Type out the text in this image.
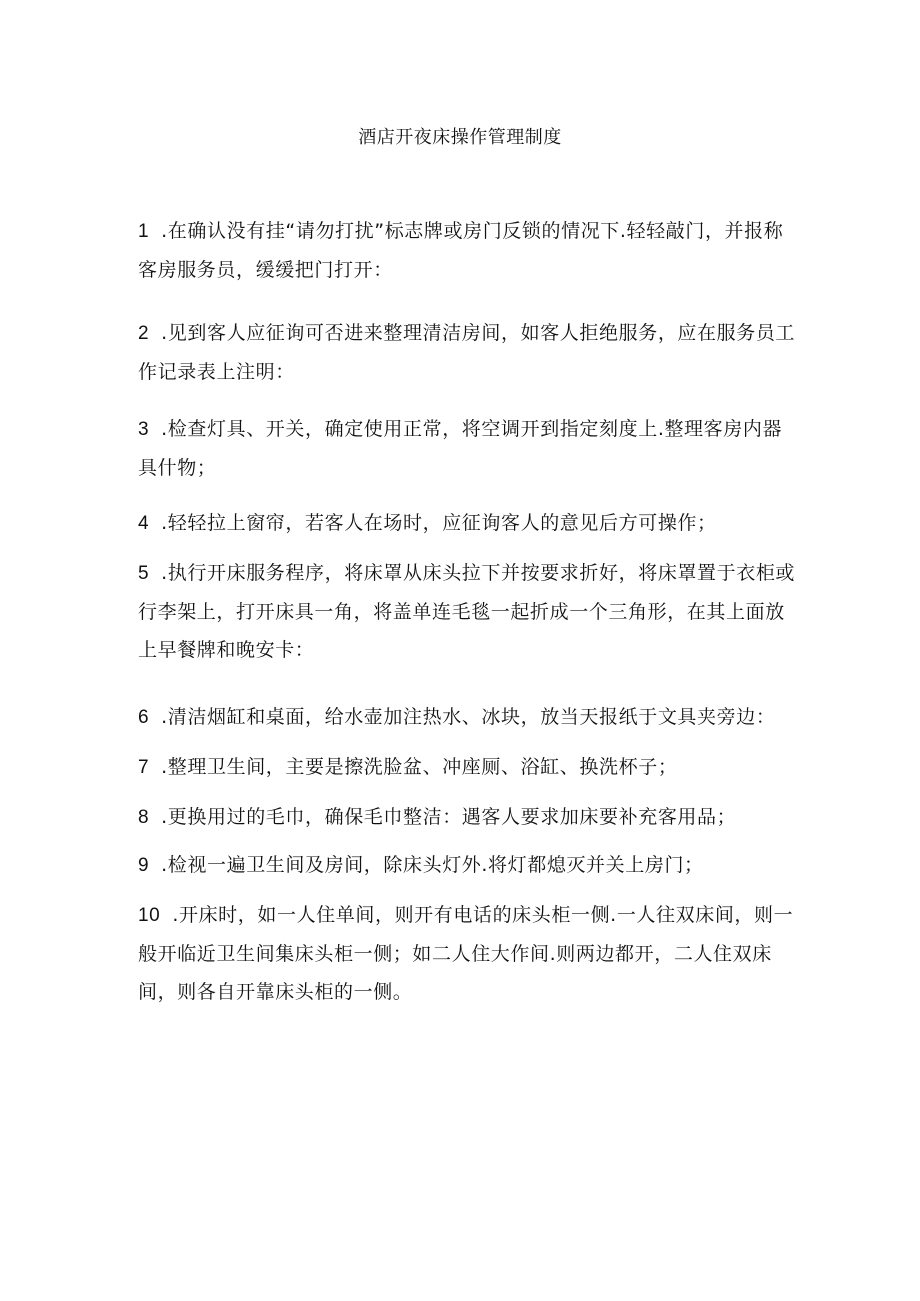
酒店开夜床操作管理制度

1 .在确认没有挂“请勿打扰”标志牌或房门反锁的情况下.轻轻敲门，并报称客房服务员，缓缓把门打开：

2 .见到客人应征询可否进来整理清洁房间，如客人拒绝服务，应在服务员工作记录表上注明：

3 .检查灯具、开关，确定使用正常，将空调开到指定刻度上.整理客房内器具什物；

4 .轻轻拉上窗帘，若客人在场时，应征询客人的意见后方可操作；

5 .执行开床服务程序，将床罩从床头拉下并按要求折好，将床罩置于衣柜或行李架上，打开床具一角，将盖单连毛毯一起折成一个三角形，在其上面放上早餐牌和晚安卡：

6 .清洁烟缸和桌面，给水壶加注热水、冰块，放当天报纸于文具夹旁边：

7 .整理卫生间，主要是擦洗脸盆、冲座厕、浴缸、换洗杯子；

8 .更换用过的毛巾，确保毛巾整洁：遇客人要求加床要补充客用品；

9 .检视一遍卫生间及房间，除床头灯外.将灯都熄灭并关上房门；

10 .开床时，如一人住单间，则开有电话的床头柜一侧.一人往双床间，则一般开临近卫生间集床头柜一侧；如二人住大作间.则两边都开，二人住双床间，则各自开靠床头柜的一侧。
